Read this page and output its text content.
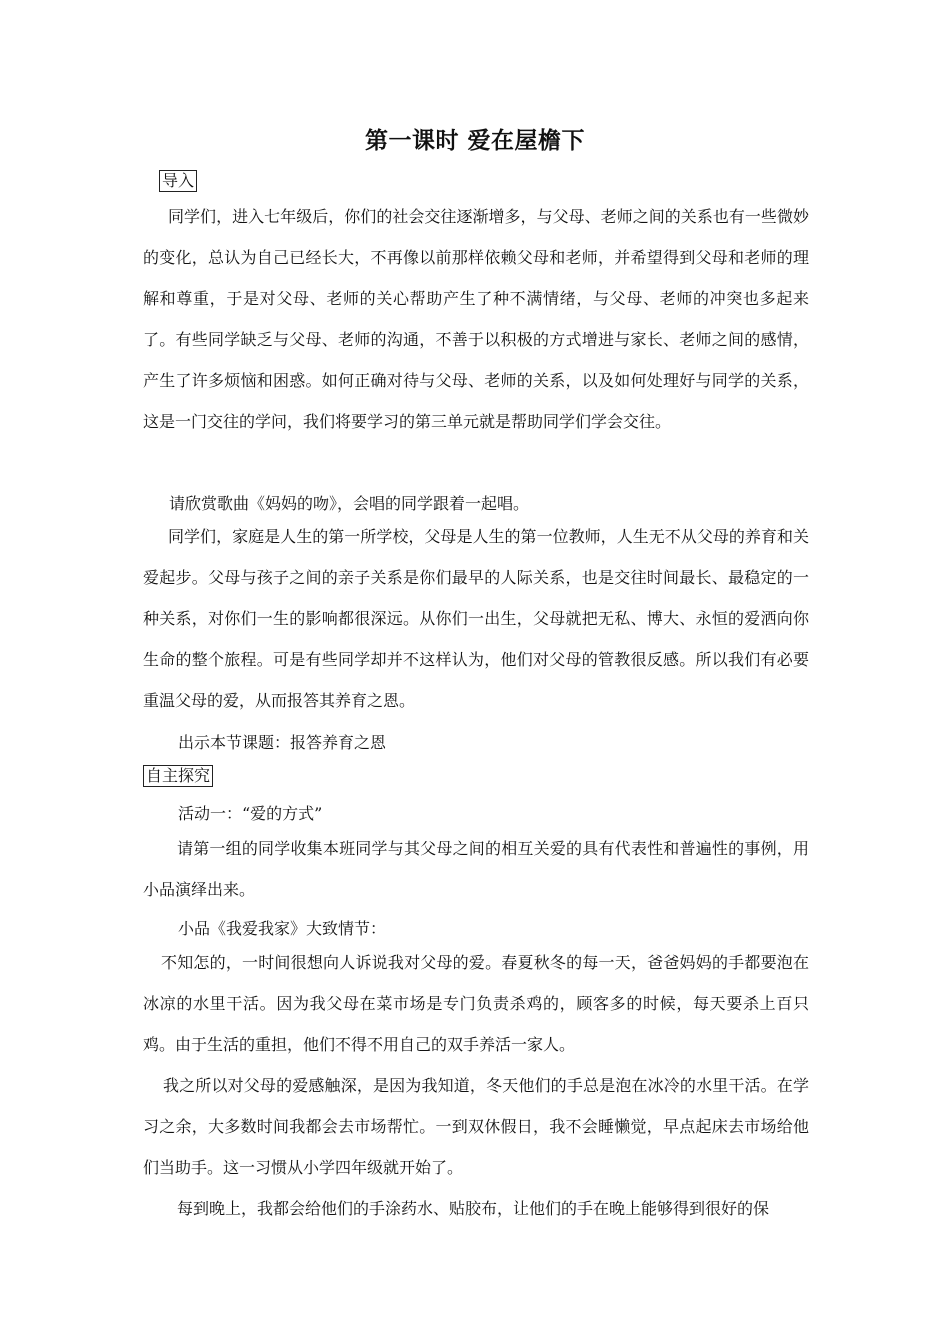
第一课时 爱在屋檐下
导入
同学们，进入七年级后，你们的社会交往逐渐增多，与父母、老师之间的关系也有一些微妙的变化，总认为自己已经长大，不再像以前那样依赖父母和老师，并希望得到父母和老师的理解和尊重，于是对父母、老师的关心帮助产生了种不满情绪，与父母、老师的冲突也多起来了。有些同学缺乏与父母、老师的沟通，不善于以积极的方式增进与家长、老师之间的感情，产生了许多烦恼和困惑。如何正确对待与父母、老师的关系，以及如何处理好与同学的关系，这是一门交往的学问，我们将要学习的第三单元就是帮助同学们学会交往。
请欣赏歌曲《妈妈的吻》，会唱的同学跟着一起唱。
同学们，家庭是人生的第一所学校，父母是人生的第一位教师，人生无不从父母的养育和关爱起步。父母与孩子之间的亲子关系是你们最早的人际关系，也是交往时间最长、最稳定的一种关系，对你们一生的影响都很深远。从你们一出生，父母就把无私、博大、永恒的爱洒向你生命的整个旅程。可是有些同学却并不这样认为，他们对父母的管教很反感。所以我们有必要重温父母的爱，从而报答其养育之恩。
出示本节课题：报答养育之恩
自主探究
活动一：“爱的方式”
请第一组的同学收集本班同学与其父母之间的相互关爱的具有代表性和普遍性的事例，用小品演绎出来。
小品《我爱我家》大致情节：
不知怎的，一时间很想向人诉说我对父母的爱。春夏秋冬的每一天，爸爸妈妈的手都要泡在冰凉的水里干活。因为我父母在菜市场是专门负责杀鸡的，顾客多的时候，每天要杀上百只鸡。由于生活的重担，他们不得不用自己的双手养活一家人。
我之所以对父母的爱感触深，是因为我知道，冬天他们的手总是泡在冰冷的水里干活。在学习之余，大多数时间我都会去市场帮忙。一到双休假日，我不会睡懒觉，早点起床去市场给他们当助手。这一习惯从小学四年级就开始了。
每到晚上，我都会给他们的手涂药水、贴胶布，让他们的手在晚上能够得到很好的保
